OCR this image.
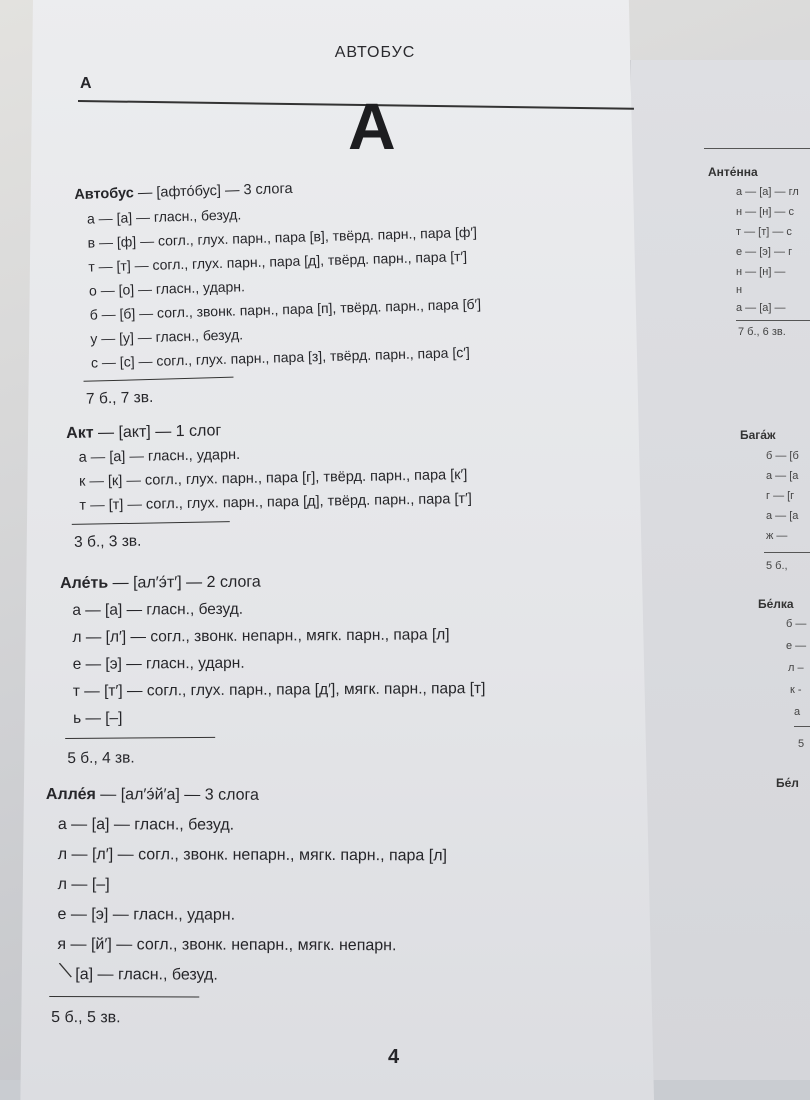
АВТОБУС
А
А
Автобус — [афто́бус] — 3 слога
а — [а] — гласн., безуд.
в — [ф] — согл., глух. парн., пара [в], твёрд. парн., пара [ф′]
т — [т] — согл., глух. парн., пара [д], твёрд. парн., пара [т′]
о — [о] — гласн., ударн.
б — [б] — согл., звонк. парн., пара [п], твёрд. парн., пара [б′]
у — [у] — гласн., безуд.
с — [с] — согл., глух. парн., пара [з], твёрд. парн., пара [с′]
7 б., 7 зв.
Акт — [акт] — 1 слог
а — [а] — гласн., ударн.
к — [к] — согл., глух. парн., пара [г], твёрд. парн., пара [к′]
т — [т] — согл., глух. парн., пара [д], твёрд. парн., пара [т′]
3 б., 3 зв.
Але́ть — [ал′э́т′] — 2 слога
а — [а] — гласн., безуд.
л — [л′] — согл., звонк. непарн., мягк. парн., пара [л]
е — [э] — гласн., ударн.
т — [т′] — согл., глух. парн., пара [д′], мягк. парн., пара [т]
ь — [–]
5 б., 4 зв.
Алле́я — [ал′э́й′а] — 3 слога
а — [а] — гласн., безуд.
л — [л′] — согл., звонк. непарн., мягк. парн., пара [л]
л — [–]
е — [э] — гласн., ударн.
я — [й′] — согл., звонк. непарн., мягк. непарн.
[а] — гласн., безуд.
5 б., 5 зв.
4
Анте́нна
а — [а] — гл
н — [н] — с
т — [т] — с
е — [э] — г
н — [н] —
н
а — [а] —
7 б., 6 зв.
Бага́ж
б — [б
а — [а
г — [г
а — [а
ж —
5 б.,
Бе́лка
б —
е —
л –
к -
а
5
Бе́л
